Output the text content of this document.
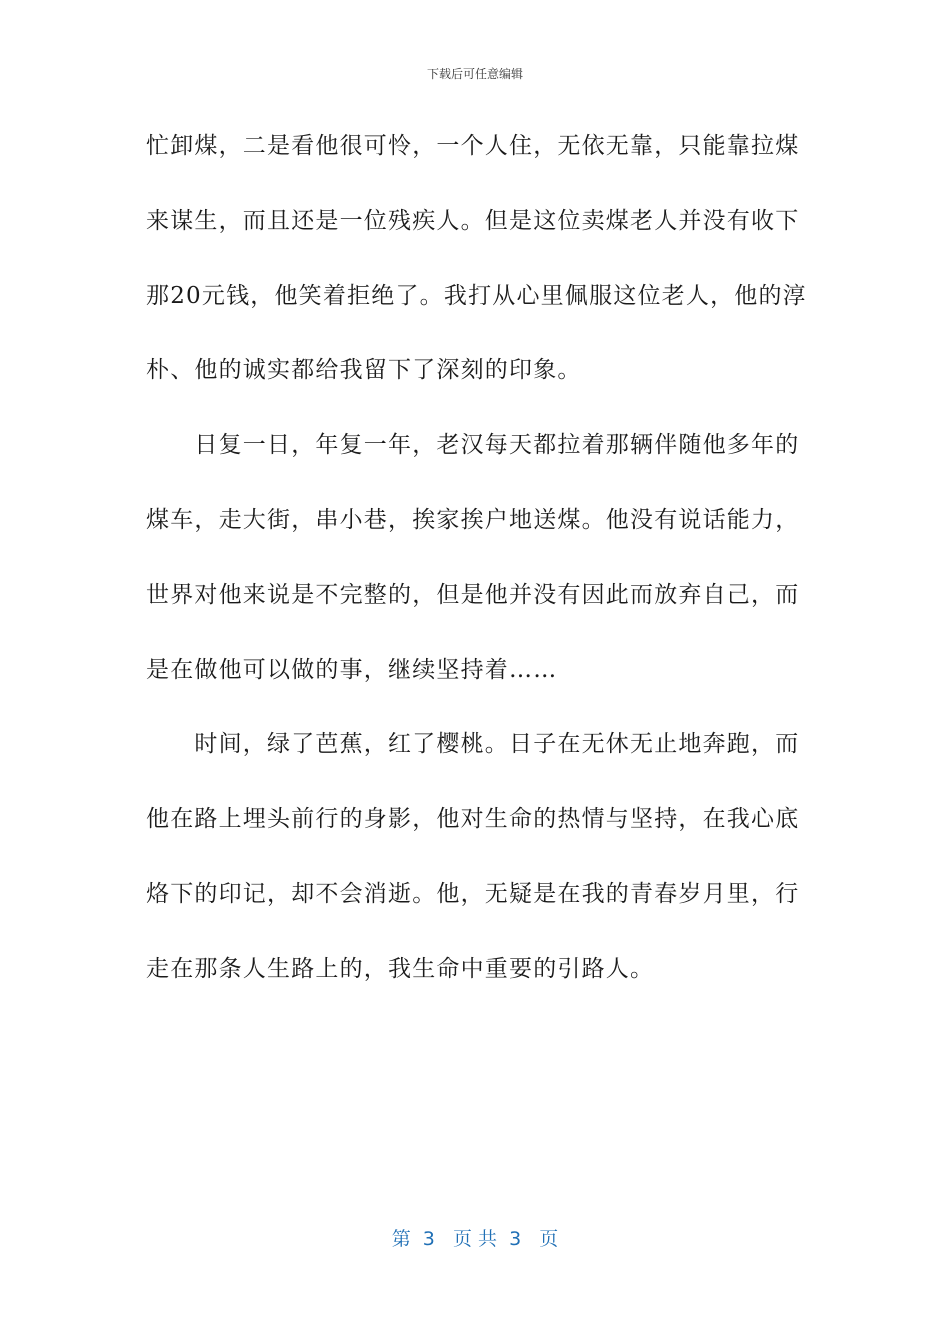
下载后可任意编辑
忙卸煤，二是看他很可怜，一个人住，无依无靠，只能靠拉煤
来谋生，而且还是一位残疾人。但是这位卖煤老人并没有收下
那20元钱，他笑着拒绝了。我打从心里佩服这位老人，他的淳
朴、他的诚实都给我留下了深刻的印象。
　　日复一日，年复一年，老汉每天都拉着那辆伴随他多年的
煤车，走大街，串小巷，挨家挨户地送煤。他没有说话能力，
世界对他来说是不完整的，但是他并没有因此而放弃自己，而
是在做他可以做的事，继续坚持着……
　　时间，绿了芭蕉，红了樱桃。日子在无休无止地奔跑，而
他在路上埋头前行的身影，他对生命的热情与坚持，在我心底
烙下的印记，却不会消逝。他，无疑是在我的青春岁月里，行
走在那条人生路上的，我生命中重要的引路人。
第  3   页 共  3   页
